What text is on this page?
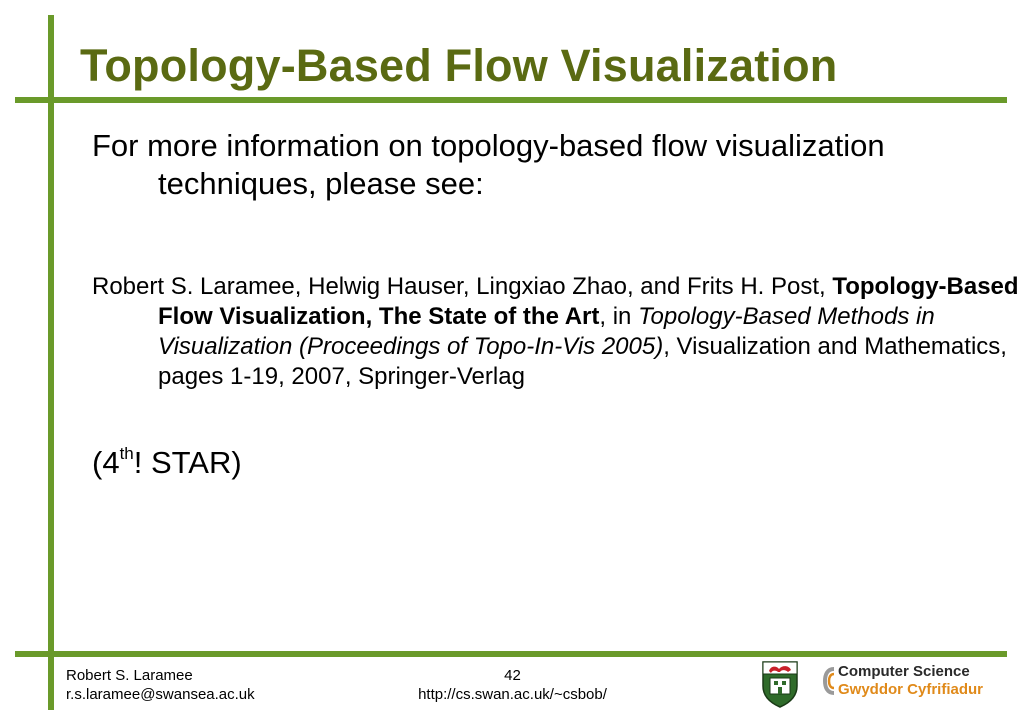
Topology-Based Flow Visualization

For more information on topology-based flow visualization techniques, please see:

Robert S. Laramee, Helwig Hauser, Lingxiao Zhao, and Frits H. Post, Topology-Based Flow Visualization, The State of the Art, in Topology-Based Methods in Visualization (Proceedings of Topo-In-Vis 2005), Visualization and Mathematics, pages 1-19, 2007, Springer-Verlag

(4th! STAR)

Robert S. Laramee
r.s.laramee@swansea.ac.uk
42
http://cs.swan.ac.uk/~csbob/
Computer Science
Gwyddor Cyfrifiadur
